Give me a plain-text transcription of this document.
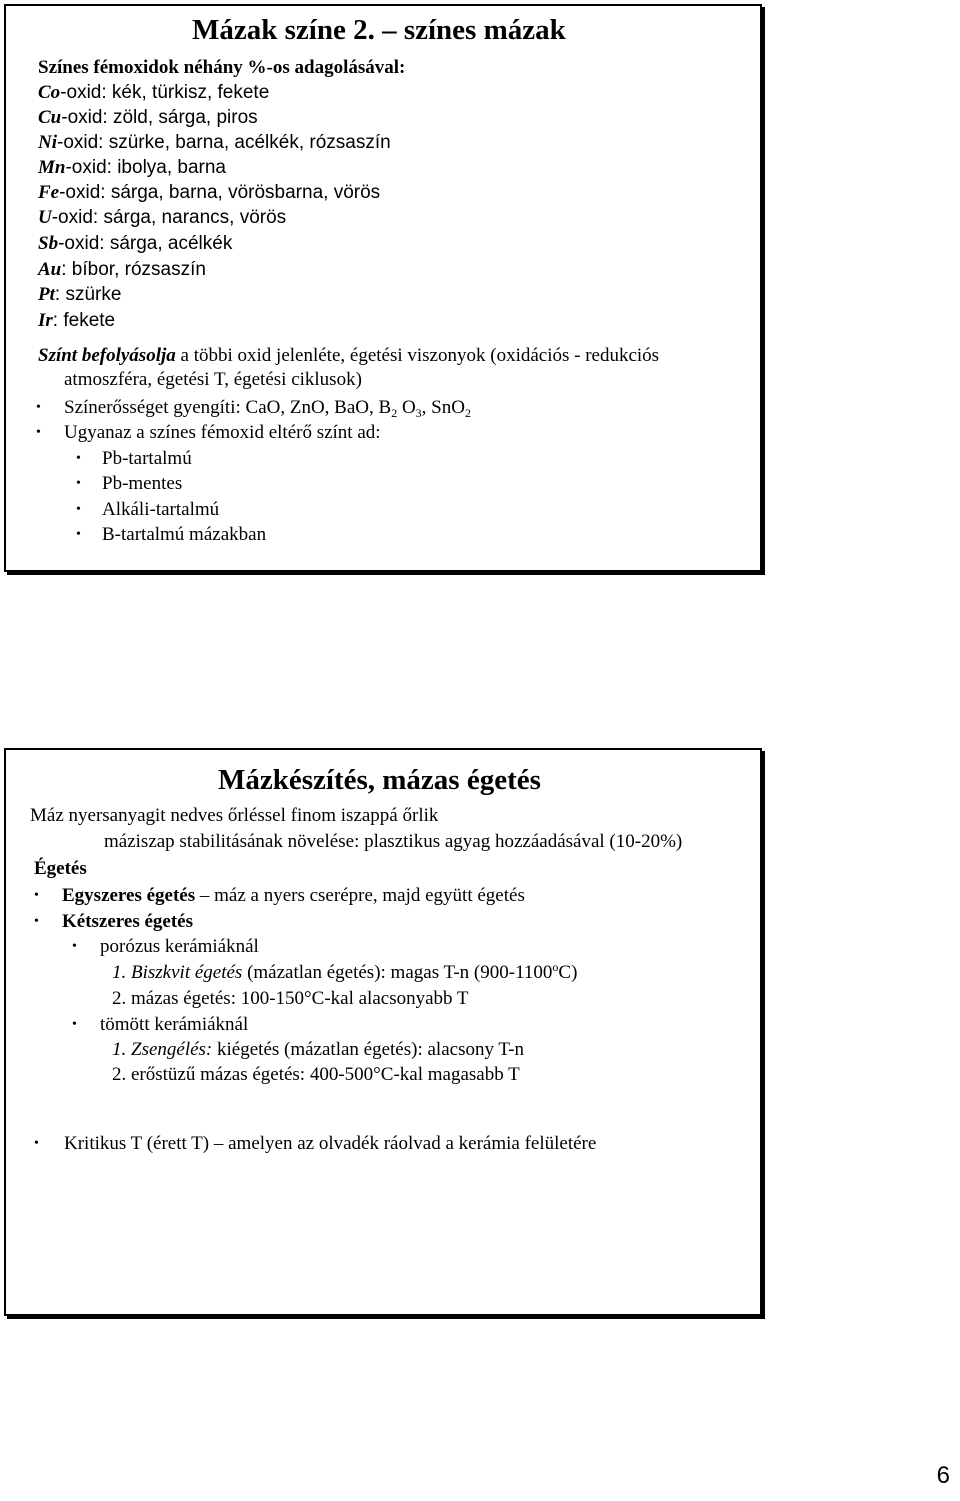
Mázak színe 2. – színes mázak
Színes fémoxidok néhány %-os adagolásával:
Co-oxid: kék, türkisz, fekete
Cu-oxid: zöld, sárga, piros
Ni-oxid: szürke, barna, acélkék, rózsaszín
Mn-oxid: ibolya, barna
Fe-oxid: sárga, barna, vörösbarna, vörös
U-oxid: sárga, narancs, vörös
Sb-oxid: sárga, acélkék
Au: bíbor, rózsaszín
Pt: szürke
Ir: fekete
Színt befolyásolja a többi oxid jelenléte, égetési viszonyok (oxidációs - redukciós
atmoszféra, égetési T, égetési ciklusok)
• Színerősséget gyengíti: CaO, ZnO, BaO, $B_2$ $O_3$, SnO$_2$
• Ugyanaz a színes fémoxid eltérő színt ad:
• Pb-tartalmú
• Pb-mentes
• Alkáli-tartalmú
• B-tartalmú mázakban
Mázkészítés, mázas égetés
Máz nyersanyagit nedves őrléssel finom iszappá őrlik
máziszap stabilitásának növelése: plasztikus agyag hozzáadásával (10-20%)
Égetés
• Egyszeres égetés – máz a nyers cserépre, majd együtt égetés
• Kétszeres égetés
• porózus kerámiáknál
1. Biszkvit égetés (mázatlan égetés): magas T-n (900-1100$^o$C)
2. mázas égetés: 100-150°C-kal alacsonyabb T
• tömött kerámiáknál
1. Zsengélés: kiégetés (mázatlan égetés): alacsony T-n
2. erőstüzű mázas égetés: 400-500°C-kal magasabb T
• Kritikus T (érett T) – amelyen az olvadék ráolvad a kerámia felületére
6
